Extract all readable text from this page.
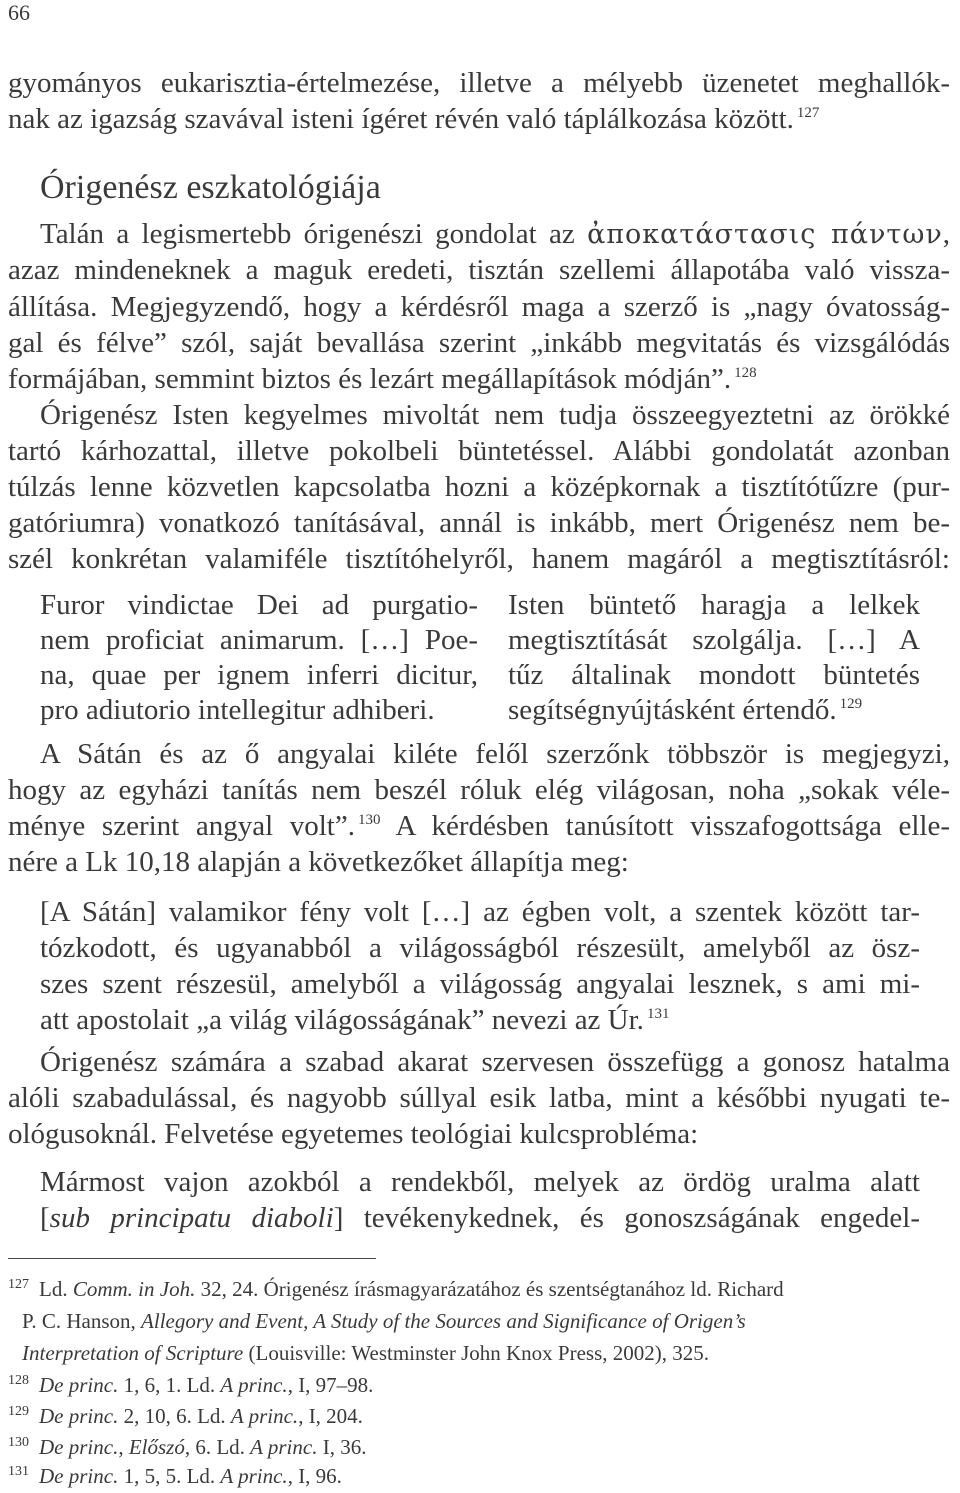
66
gyományos eukarisztia-értelmezése, illetve a mélyebb üzenetet meghallók-
nak az igazság szavával isteni ígéret révén való táplálkozása között. $^{127}$
Órigenész eszkatológiája
Talán a legismertebb órigenészi gondolat az ἀποκατάστασις πάντων,
azaz mindeneknek a maguk eredeti, tisztán szellemi állapotába való vissza-
állítása. Megjegyzendő, hogy a kérdésről maga a szerző is „nagy óvatosság-
gal és félve” szól, saját bevallása szerint „inkább megvitatás és vizsgálódás
formájában, semmint biztos és lezárt megállapítások módján”. $^{128}$
Órigenész Isten kegyelmes mivoltát nem tudja összeegyeztetni az örökké
tartó kárhozattal, illetve pokolbeli büntetéssel. Alábbi gondolatát azonban
túlzás lenne közvetlen kapcsolatba hozni a középkornak a tisztítótűzre (pur-
gatóriumra) vonatkozó tanításával, annál is inkább, mert Órigenész nem be-
szél konkrétan valamiféle tisztítóhelyről, hanem magáról a megtisztításról:
Furor vindictae Dei ad purgatio-
nem proficiat animarum. […] Poe-
na, quae per ignem inferri dicitur,
pro adiutorio intellegitur adhiberi.
Isten büntető haragja a lelkek
megtisztítását szolgálja. […] A
tűz általinak mondott büntetés
segítségnyújtásként értendő. $^{129}$
A Sátán és az ő angyalai kiléte felől szerzőnk többször is megjegyzi,
hogy az egyházi tanítás nem beszél róluk elég világosan, noha „sokak véle-
ménye szerint angyal volt”. $^{130}$ A kérdésben tanúsított visszafogottsága elle-
nére a Lk 10,18 alapján a következőket állapítja meg:
[A Sátán] valamikor fény volt […] az égben volt, a szentek között tar-
tózkodott, és ugyanabból a világosságból részesült, amelyből az ösz-
szes szent részesül, amelyből a világosság angyalai lesznek, s ami mi-
att apostolait „a világ világosságának” nevezi az Úr. $^{131}$
Órigenész számára a szabad akarat szervesen összefügg a gonosz hatalma
alóli szabadulással, és nagyobb súllyal esik latba, mint a későbbi nyugati te-
ológusoknál. Felvetése egyetemes teológiai kulcsprobléma:
Mármost vajon azokból a rendekből, melyek az ördög uralma alatt
[sub principatu diaboli] tevékenykednek, és gonoszságának engedel-
$^{127}$ Ld. Comm. in Joh. 32, 24. Órigenész írásmagyarázatához és szentségtanához ld. Richard
P. C. Hanson, Allegory and Event, A Study of the Sources and Significance of Origen’s
Interpretation of Scripture (Louisville: Westminster John Knox Press, 2002), 325.
$^{128}$ De princ. 1, 6, 1. Ld. A princ., I, 97–98.
$^{129}$ De princ. 2, 10, 6. Ld. A princ., I, 204.
$^{130}$ De princ., Előszó, 6. Ld. A princ. I, 36.
$^{131}$ De princ. 1, 5, 5. Ld. A princ., I, 96.
